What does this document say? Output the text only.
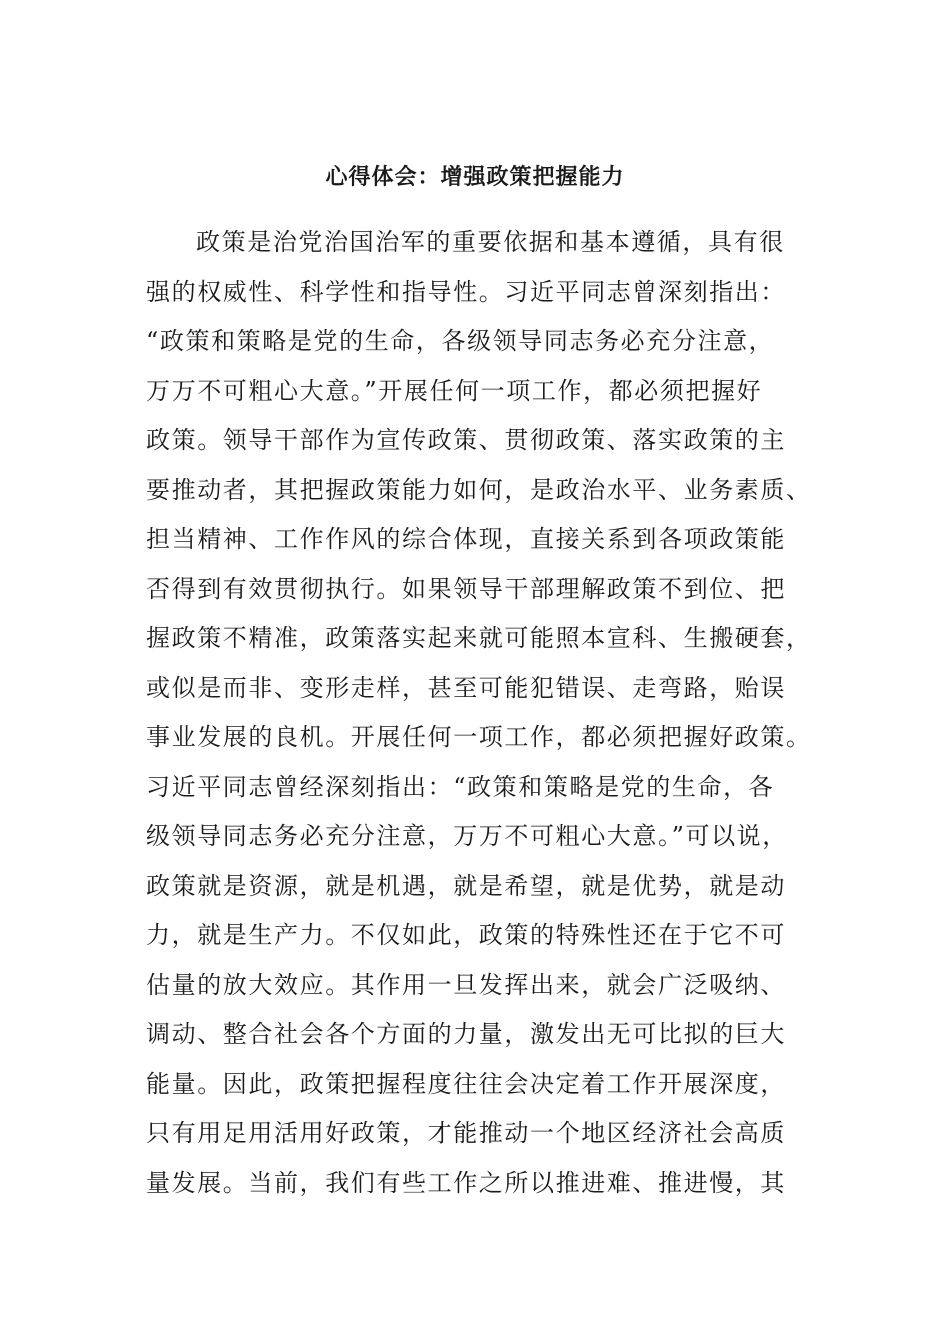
心得体会：增强政策把握能力
政策是治党治国治军的重要依据和基本遵循，具有很
强的权威性、科学性和指导性。习近平同志曾深刻指出：
“政策和策略是党的生命，各级领导同志务必充分注意，
万万不可粗心大意。”开展任何一项工作，都必须把握好
政策。领导干部作为宣传政策、贯彻政策、落实政策的主
要推动者，其把握政策能力如何，是政治水平、业务素质、
担当精神、工作作风的综合体现，直接关系到各项政策能
否得到有效贯彻执行。如果领导干部理解政策不到位、把
握政策不精准，政策落实起来就可能照本宣科、生搬硬套，
或似是而非、变形走样，甚至可能犯错误、走弯路，贻误
事业发展的良机。开展任何一项工作，都必须把握好政策。
习近平同志曾经深刻指出：“政策和策略是党的生命，各
级领导同志务必充分注意，万万不可粗心大意。”可以说，
政策就是资源，就是机遇，就是希望，就是优势，就是动
力，就是生产力。不仅如此，政策的特殊性还在于它不可
估量的放大效应。其作用一旦发挥出来，就会广泛吸纳、
调动、整合社会各个方面的力量，激发出无可比拟的巨大
能量。因此，政策把握程度往往会决定着工作开展深度，
只有用足用活用好政策，才能推动一个地区经济社会高质
量发展。当前，我们有些工作之所以推进难、推进慢，其
